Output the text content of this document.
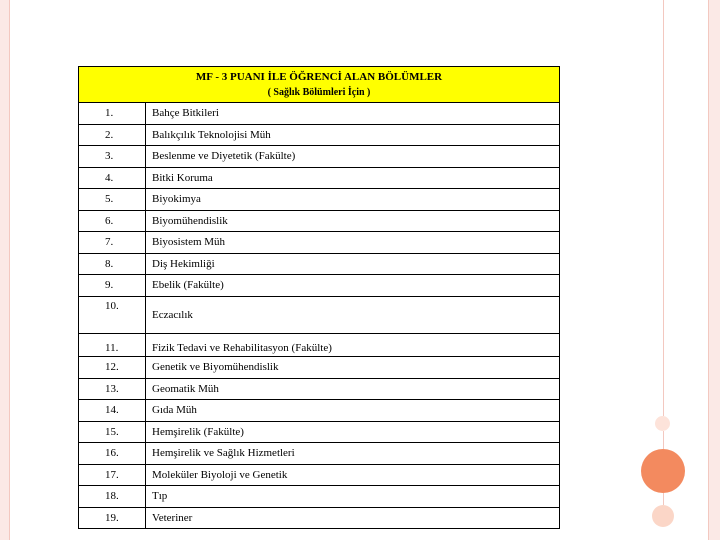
MF - 3 PUANI İLE ÖĞRENCİ ALAN BÖLÜMLER
( Sağlık Bölümleri İçin )	

1.	Bahçe Bitkileri
2.	Balıkçılık Teknolojisi Müh
3.	Beslenme ve Diyetetik (Fakülte)
4.	Bitki Koruma
5.	Biyokimya
6.	Biyomühendislik
7.	Biyosistem Müh
8.	Diş Hekimliği
9.	Ebelik (Fakülte)
10.	Eczacılık
11.	Fizik Tedavi ve Rehabilitasyon (Fakülte)
12.	Genetik ve Biyomühendislik
13.	Geomatik Müh
14.	Gıda Müh
15.	Hemşirelik (Fakülte)
16.	Hemşirelik ve Sağlık Hizmetleri
17.	Moleküler Biyoloji ve Genetik
18.	Tıp
19.	Veteriner
